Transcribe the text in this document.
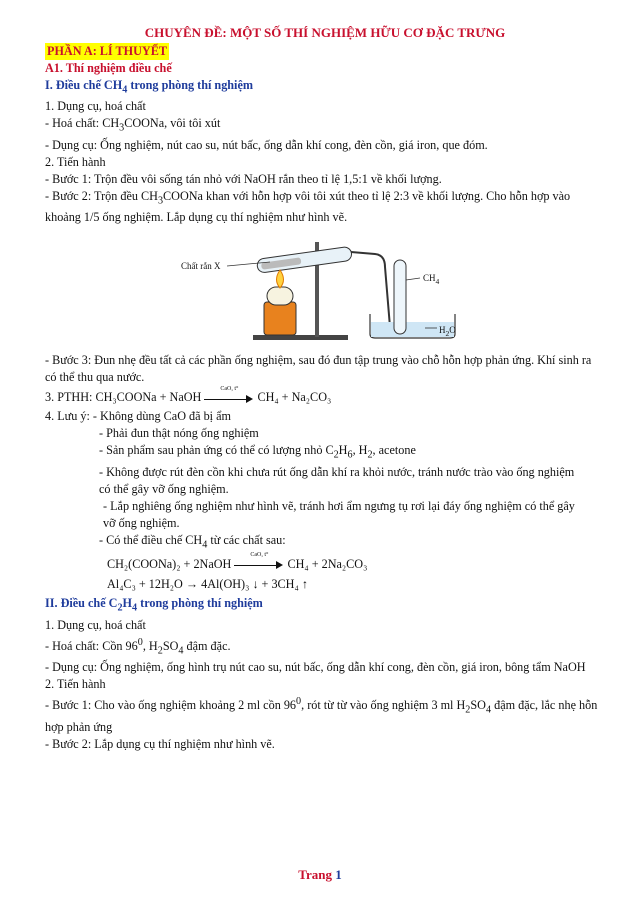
CHUYÊN ĐỀ: MỘT SỐ THÍ NGHIỆM HỮU CƠ ĐẶC TRƯNG
PHẦN A: LÍ THUYẾT

A1. Thí nghiệm điều chế

I. Điều chế $CH_4$ trong phòng thí nghiệm

1. Dụng cụ, hoá chất

- Hoá chất: $CH_3COONa$, vôi tôi xút

- Dụng cụ: Ống nghiệm, nút cao su, nút bấc, ống dẫn khí cong, đèn cồn, giá iron, que đóm.

2. Tiến hành

- Bước 1: Trộn đều vôi sống tán nhỏ với NaOH rắn theo tỉ lệ 1,5:1 về khối lượng.

- Bước 2: Trộn đều $CH_3COONa$ khan với hỗn hợp vôi tôi xút theo tỉ lệ 2:3 về khối lượng. Cho hỗn hợp vào khoảng 1/5 ống nghiệm. Lắp dụng cụ thí nghiệm như hình vẽ.

Chất rắn X
$CH_4$
$H_2O$

- Bước 3: Đun nhẹ đều tất cả các phần ống nghiệm, sau đó đun tập trung vào chỗ hỗn hợp phản ứng. Khí sinh ra có thể thu qua nước.

3. PTHH: CH₃COONa + NaOH
CaO, t°
CH₄ + Na₂CO₃

4. Lưu ý: - Không dùng CaO đã bị ẩm

- Phải đun thật nóng ống nghiệm

- Sản phẩm sau phản ứng có thể có lượng nhỏ $C_2H_6$, $H_2$, acetone

- Không được rút đèn cồn khi chưa rút ống dẫn khí ra khỏi nước, tránh nước trào vào ống nghiệm có thể gây vỡ ống nghiệm.

- Lắp nghiêng ống nghiệm như hình vẽ, tránh hơi ẩm ngưng tụ rơi lại đáy ống nghiệm có thể gây vỡ ống nghiệm.

- Có thể điều chế $CH_4$ từ các chất sau:

CH₂(COONa)₂ + 2NaOH
CaO, t°
CH₄ + 2Na₂CO₃

Al₄C₃ + 12H₂O → 4Al(OH)₃ ↓ + 3CH₄ ↑

II. Điều chế $C_2H_4$ trong phòng thí nghiệm

1. Dụng cụ, hoá chất

- Hoá chất: Cồn $96^0$, $H_2SO_4$ đậm đặc.

- Dụng cụ: Ống nghiệm, ống hình trụ nút cao su, nút bấc, ống dẫn khí cong, đèn cồn, giá iron, bông tẩm NaOH

2. Tiến hành

- Bước 1: Cho vào ống nghiệm khoảng 2 ml cồn $96^0$, rót từ từ vào ống nghiệm 3 ml $H_2SO_4$ đậm đặc, lắc nhẹ hỗn hợp phản ứng

- Bước 2: Lắp dụng cụ thí nghiệm như hình vẽ.

Trang 1
